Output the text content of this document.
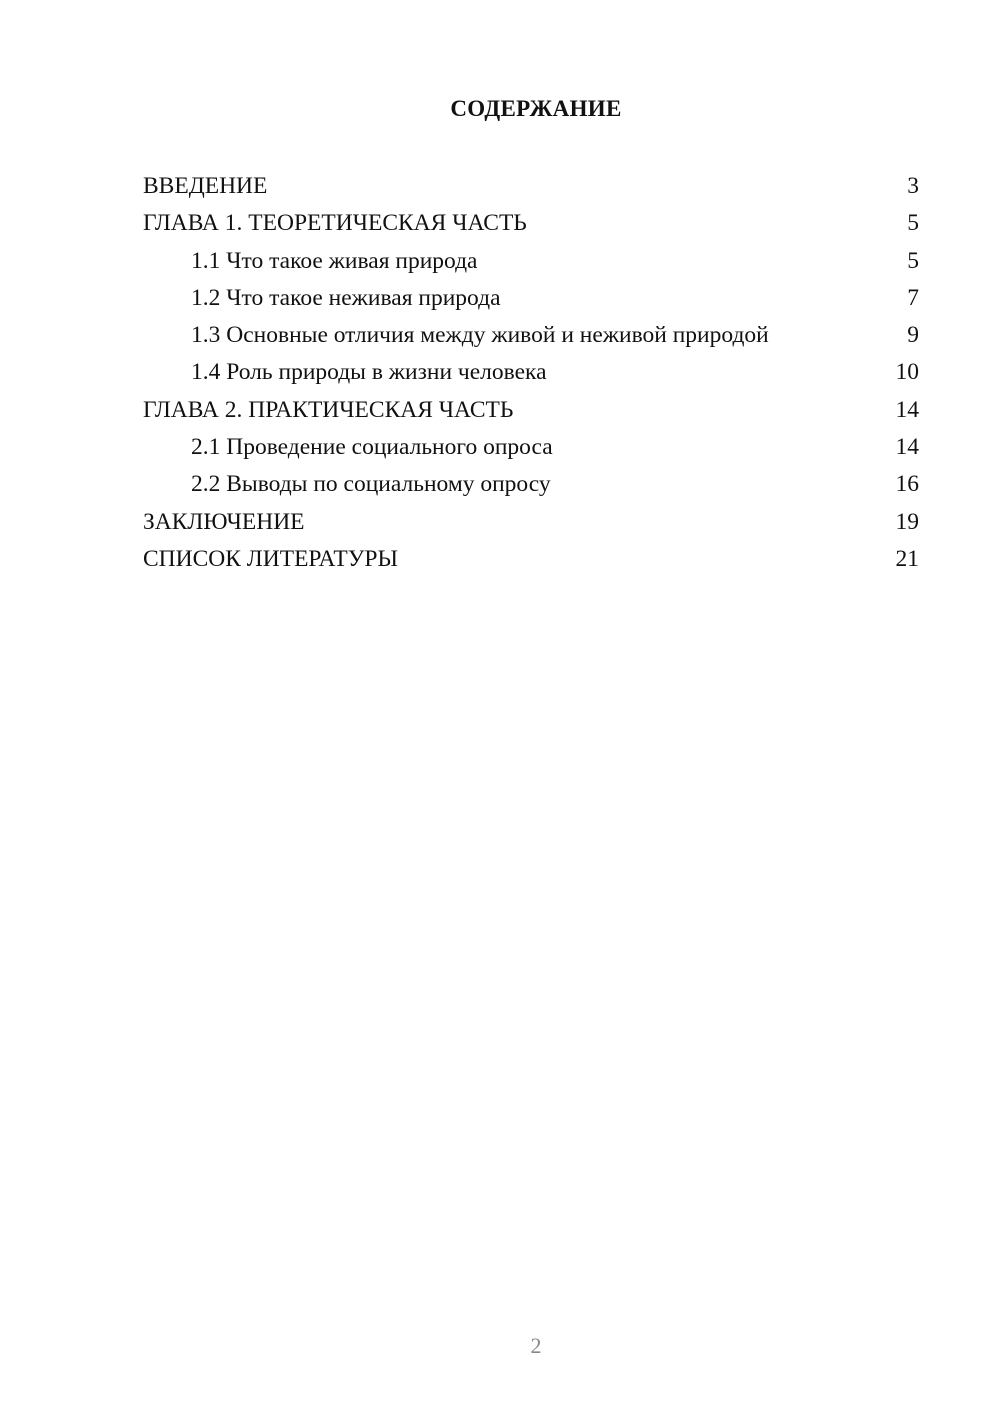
СОДЕРЖАНИЕ
ВВЕДЕНИЕ	3
ГЛАВА 1. ТЕОРЕТИЧЕСКАЯ ЧАСТЬ	5
1.1 Что такое живая природа	5
1.2 Что такое неживая природа	7
1.3 Основные отличия между живой и неживой природой	9
1.4 Роль природы в жизни человека	10
ГЛАВА 2. ПРАКТИЧЕСКАЯ ЧАСТЬ	14
2.1 Проведение социального опроса	14
2.2 Выводы по социальному опросу	16
ЗАКЛЮЧЕНИЕ	19
СПИСОК ЛИТЕРАТУРЫ	21
2
